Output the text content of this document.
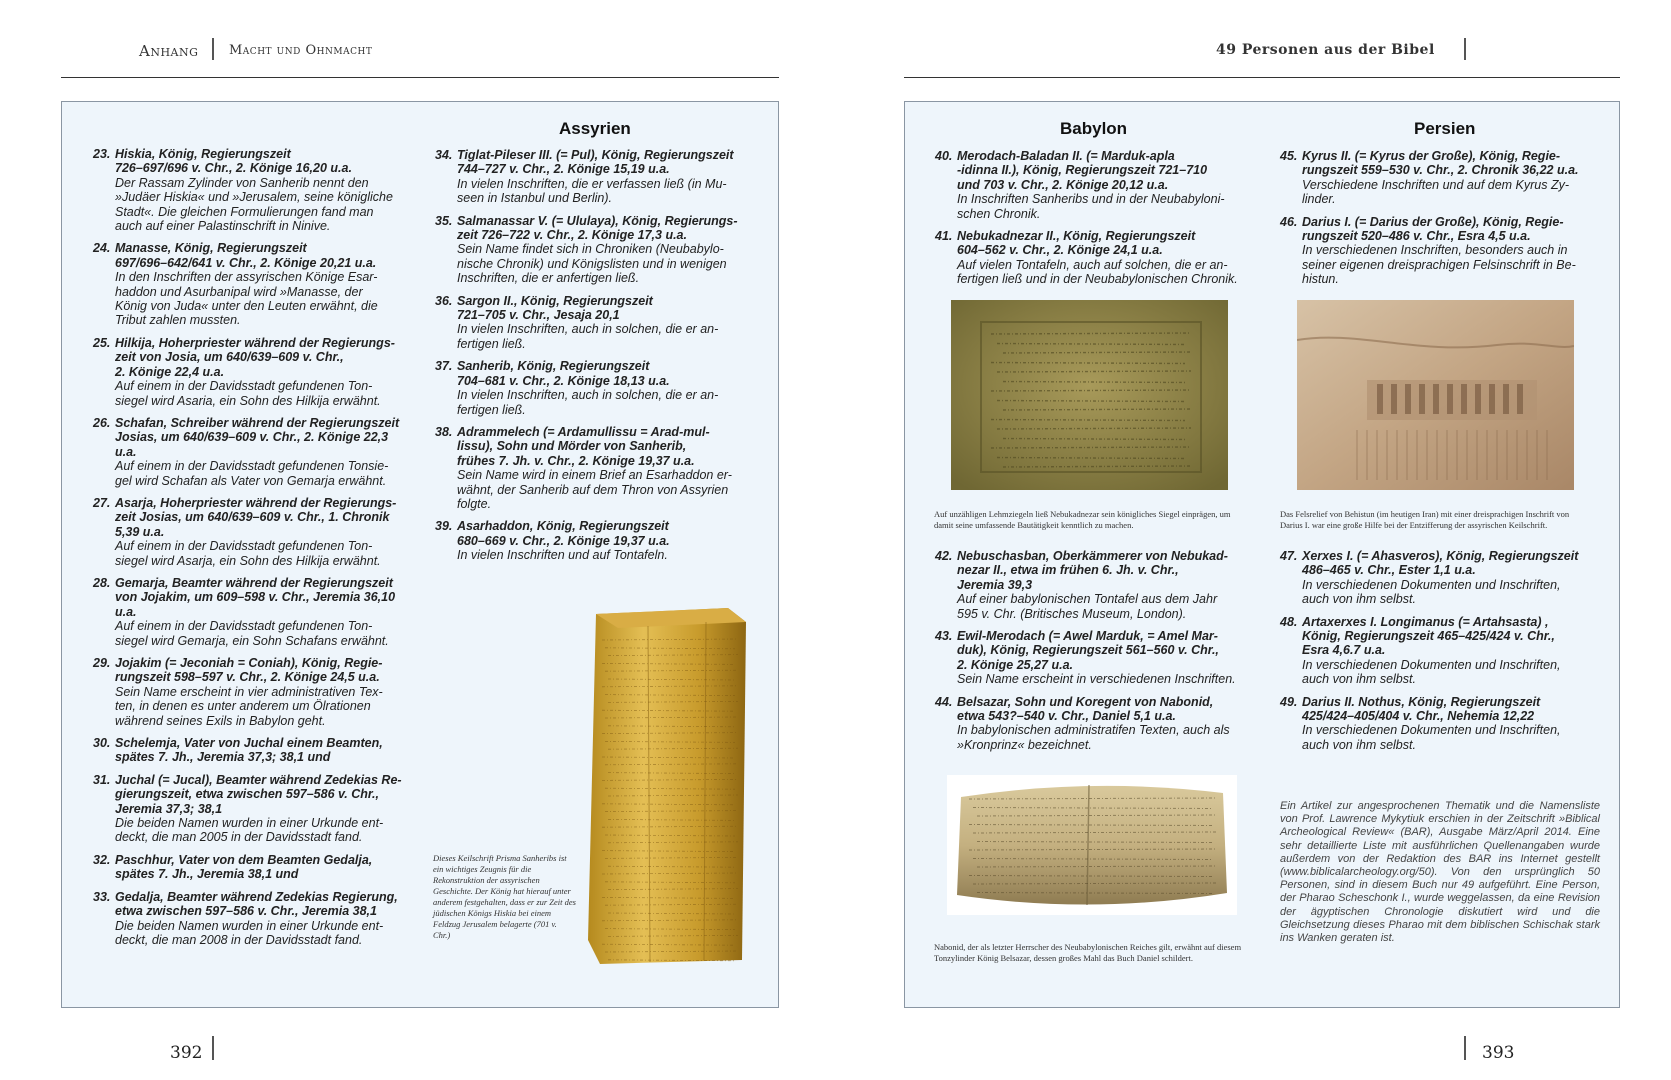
Anhang Macht und Ohnmacht
Assyrien
23. Hiskia, König, Regierungszeit
726–697/696 v. Chr., 2. Könige 16,20 u.a.
Der Rassam Zylinder von Sanherib nennt den
»Judäer Hiskia« und »Jerusalem, seine königliche
Stadt«. Die gleichen Formulierungen fand man
auch auf einer Palastinschrift in Ninive.
24. Manasse, König, Regierungszeit
697/696–642/641 v. Chr., 2. Könige 20,21 u.a.
In den Inschriften der assyrischen Könige Esar-
haddon und Asurbanipal wird »Manasse, der
König von Juda« unter den Leuten erwähnt, die
Tribut zahlen mussten.
25. Hilkija, Hoherpriester während der Regierungs-
zeit von Josia, um 640/639–609 v. Chr.,
2. Könige 22,4 u.a.
Auf einem in der Davidsstadt gefundenen Ton-
siegel wird Asaria, ein Sohn des Hilkija erwähnt.
26. Schafan, Schreiber während der Regierungszeit
Josias, um 640/639–609 v. Chr., 2. Könige 22,3
u.a.
Auf einem in der Davidsstadt gefundenen Tonsie-
gel wird Schafan als Vater von Gemarja erwähnt.
27. Asarja, Hoherpriester während der Regierungs-
zeit Josias, um 640/639–609 v. Chr., 1. Chronik
5,39 u.a.
Auf einem in der Davidsstadt gefundenen Ton-
siegel wird Asarja, ein Sohn des Hilkija erwähnt.
28. Gemarja, Beamter während der Regierungszeit
von Jojakim, um 609–598 v. Chr., Jeremia 36,10
u.a.
Auf einem in der Davidsstadt gefundenen Ton-
siegel wird Gemarja, ein Sohn Schafans erwähnt.
29. Jojakim (= Jeconiah = Coniah), König, Regie-
rungszeit 598–597 v. Chr., 2. Könige 24,5 u.a.
Sein Name erscheint in vier administrativen Tex-
ten, in denen es unter anderem um Ölrationen
während seines Exils in Babylon geht.
30. Schelemja, Vater von Juchal einem Beamten,
spätes 7. Jh., Jeremia 37,3; 38,1 und
31. Juchal (= Jucal), Beamter während Zedekias Re-
gierungszeit, etwa zwischen 597–586 v. Chr.,
Jeremia 37,3; 38,1
Die beiden Namen wurden in einer Urkunde ent-
deckt, die man 2005 in der Davidsstadt fand.
32. Paschhur, Vater von dem Beamten Gedalja,
spätes 7. Jh., Jeremia 38,1 und
33. Gedalja, Beamter während Zedekias Regierung,
etwa zwischen 597–586 v. Chr., Jeremia 38,1
Die beiden Namen wurden in einer Urkunde ent-
deckt, die man 2008 in der Davidsstadt fand.
34. Tiglat-Pileser III. (= Pul), König, Regierungszeit
744–727 v. Chr., 2. Könige 15,19 u.a.
In vielen Inschriften, die er verfassen ließ (in Mu-
seen in Istanbul und Berlin).
35. Salmanassar V. (= Ululaya), König, Regierungs-
zeit 726–722 v. Chr., 2. Könige 17,3 u.a.
Sein Name findet sich in Chroniken (Neubabylo-
nische Chronik) und Königslisten und in wenigen
Inschriften, die er anfertigen ließ.
36. Sargon II., König, Regierungszeit
721–705 v. Chr., Jesaja 20,1
In vielen Inschriften, auch in solchen, die er an-
fertigen ließ.
37. Sanherib, König, Regierungszeit
704–681 v. Chr., 2. Könige 18,13 u.a.
In vielen Inschriften, auch in solchen, die er an-
fertigen ließ.
38. Adrammelech (= Ardamullissu = Arad-mul-
lissu), Sohn und Mörder von Sanherib,
frühes 7. Jh. v. Chr., 2. Könige 19,37 u.a.
Sein Name wird in einem Brief an Esarhaddon er-
wähnt, der Sanherib auf dem Thron von Assyrien
folgte.
39. Asarhaddon, König, Regierungszeit
680–669 v. Chr., 2. Könige 19,37 u.a.
In vielen Inschriften und auf Tontafeln.
Dieses Keilschrift Prisma Sanheribs ist ein wichtiges Zeugnis für die Rekonstruktion der assyrischen Geschichte. Der König hat hierauf unter anderem festgehalten, dass er zur Zeit des jüdischen Königs Hiskia bei einem Feldzug Jerusalem belagerte (701 v. Chr.)
392
49 Personen aus der Bibel
Babylon	Persien
40. Merodach-Baladan II. (= Marduk-apla
-idinna II.), König, Regierungszeit 721–710
und 703 v. Chr., 2. Könige 20,12 u.a.
In Inschriften Sanheribs und in der Neubabyloni-
schen Chronik.
41. Nebukadnezar II., König, Regierungszeit
604–562 v. Chr., 2. Könige 24,1 u.a.
Auf vielen Tontafeln, auch auf solchen, die er an-
fertigen ließ und in der Neubabylonischen Chronik.
45. Kyrus II. (= Kyrus der Große), König, Regie-
rungszeit 559–530 v. Chr., 2. Chronik 36,22 u.a.
Verschiedene Inschriften und auf dem Kyrus Zy-
linder.
46. Darius I. (= Darius der Große), König, Regie-
rungszeit 520–486 v. Chr., Esra 4,5 u.a.
In verschiedenen Inschriften, besonders auch in
seiner eigenen dreisprachigen Felsinschrift in Be-
histun.
Auf unzähligen Lehmziegeln ließ Nebukadnezar sein königliches Siegel einprägen, um damit seine umfassende Bautätigkeit kenntlich zu machen.
Das Felsrelief von Behistun (im heutigen Iran) mit einer dreisprachigen Inschrift von Darius I. war eine große Hilfe bei der Entzifferung der assyrischen Keilschrift.
42. Nebuschasban, Oberkämmerer von Nebukad-
nezar II., etwa im frühen 6. Jh. v. Chr.,
Jeremia 39,3
Auf einer babylonischen Tontafel aus dem Jahr
595 v. Chr. (Britisches Museum, London).
43. Ewil-Merodach (= Awel Marduk, = Amel Mar-
duk), König, Regierungszeit 561–560 v. Chr.,
2. Könige 25,27 u.a.
Sein Name erscheint in verschiedenen Inschriften.
44. Belsazar, Sohn und Koregent von Nabonid,
etwa 543?–540 v. Chr., Daniel 5,1 u.a.
In babylonischen administratifen Texten, auch als
»Kronprinz« bezeichnet.
47. Xerxes I. (= Ahasveros), König, Regierungszeit
486–465 v. Chr., Ester 1,1 u.a.
In verschiedenen Dokumenten und Inschriften,
auch von ihm selbst.
48. Artaxerxes I. Longimanus (= Artahsasta) ,
König, Regierungszeit 465–425/424 v. Chr.,
Esra 4,6.7 u.a.
In verschiedenen Dokumenten und Inschriften,
auch von ihm selbst.
49. Darius II. Nothus, König, Regierungszeit
425/424–405/404 v. Chr., Nehemia 12,22
In verschiedenen Dokumenten und Inschriften,
auch von ihm selbst.
Nabonid, der als letzter Herrscher des Neubabylonischen Reiches gilt, erwähnt auf diesem Tonzylinder König Belsazar, dessen großes Mahl das Buch Daniel schildert.
Ein Artikel zur angesprochenen Thematik und die Namensliste von Prof. Lawrence Mykytiuk erschien in der Zeitschrift »Biblical Archeological Review« (BAR), Ausgabe März/April 2014. Eine sehr detaillierte Liste mit ausführlichen Quellenangaben wurde außerdem von der Redaktion des BAR ins Internet gestellt (www.biblicalarcheology.org/50). Von den ursprünglich 50 Personen, sind in diesem Buch nur 49 aufgeführt. Eine Person, der Pharao Scheschonk I., wurde weggelassen, da eine Revision der ägyptischen Chronologie diskutiert wird und die Gleichsetzung dieses Pharao mit dem biblischen Schischak stark ins Wanken geraten ist.
393
